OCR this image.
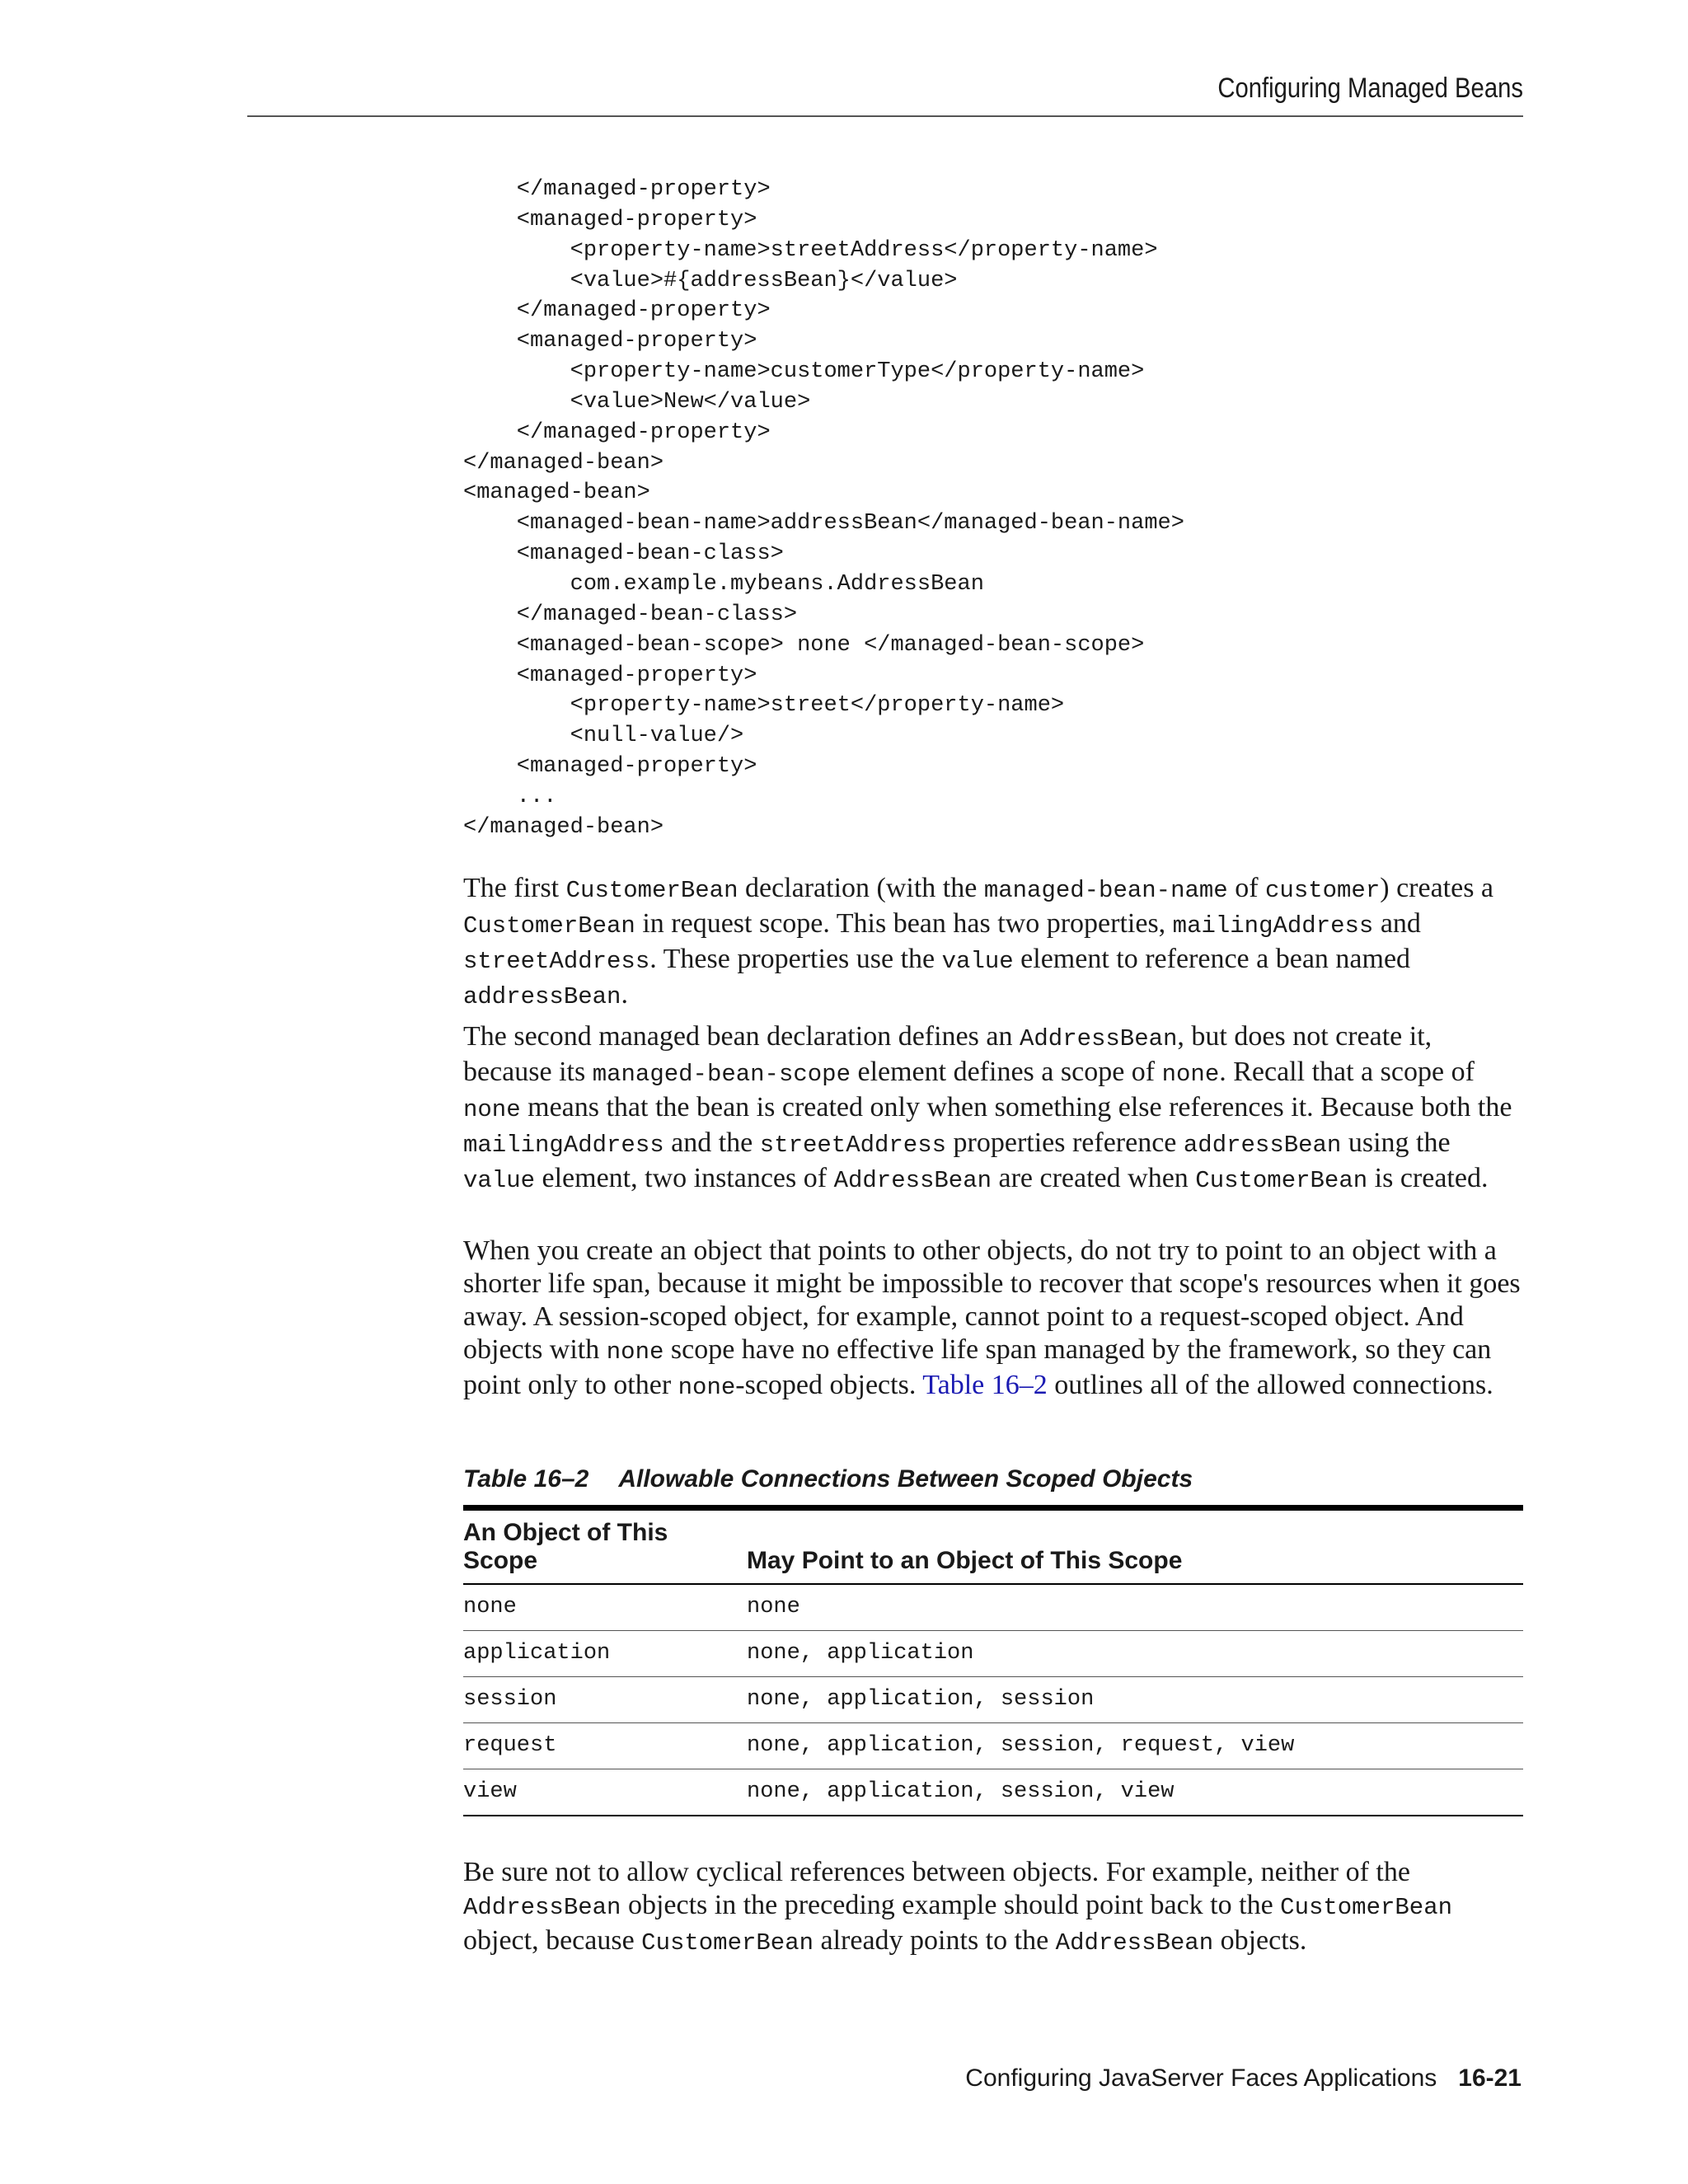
Configuring Managed Beans
</managed-property>
<managed-property>
<property-name>streetAddress</property-name>
<value>#{addressBean}</value>
</managed-property>
<managed-property>
<property-name>customerType</property-name>
<value>New</value>
</managed-property>
</managed-bean>
<managed-bean>
<managed-bean-name>addressBean</managed-bean-name>
<managed-bean-class>
com.example.mybeans.AddressBean
</managed-bean-class>
<managed-bean-scope> none </managed-bean-scope>
<managed-property>
<property-name>street</property-name>
<null-value/>
<managed-property>
...
</managed-bean>

The first CustomerBean declaration (with the managed-bean-name of customer) creates a CustomerBean in request scope. This bean has two properties, mailingAddress and streetAddress. These properties use the value element to reference a bean named addressBean.

The second managed bean declaration defines an AddressBean, but does not create it, because its managed-bean-scope element defines a scope of none. Recall that a scope of none means that the bean is created only when something else references it. Because both the mailingAddress and the streetAddress properties reference addressBean using the value element, two instances of AddressBean are created when CustomerBean is created.

When you create an object that points to other objects, do not try to point to an object with a shorter life span, because it might be impossible to recover that scope's resources when it goes away. A session-scoped object, for example, cannot point to a request-scoped object. And objects with none scope have no effective life span managed by the framework, so they can point only to other none-scoped objects. Table 16–2 outlines all of the allowed connections.

Table 16–2 Allowable Connections Between Scoped Objects
An Object of This Scope	May Point to an Object of This Scope
none	none
application	none, application
session	none, application, session
request	none, application, session, request, view
view	none, application, session, view

Be sure not to allow cyclical references between objects. For example, neither of the AddressBean objects in the preceding example should point back to the CustomerBean object, because CustomerBean already points to the AddressBean objects.

Configuring JavaServer Faces Applications 16-21
